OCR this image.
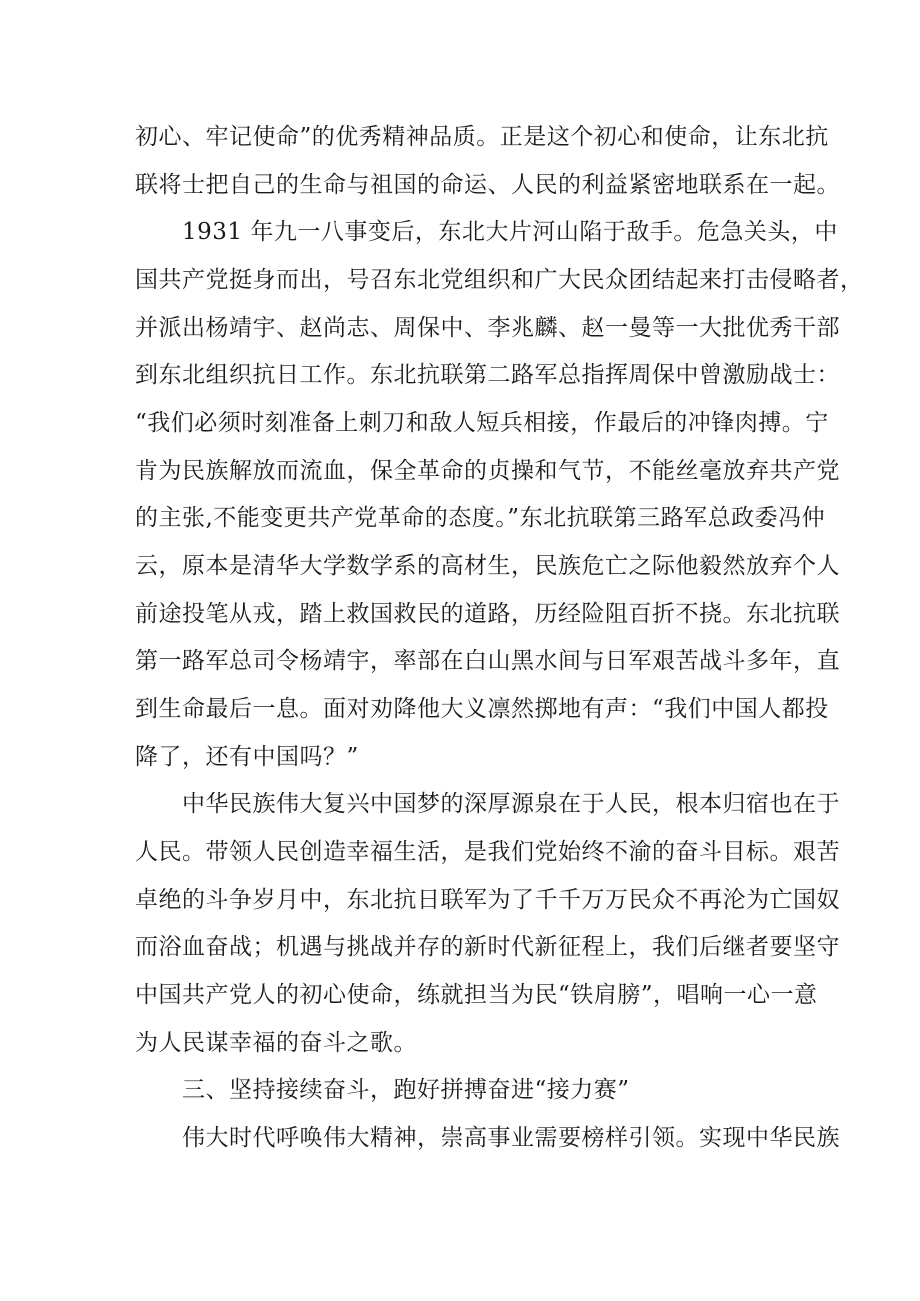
初心、牢记使命”的优秀精神品质。正是这个初心和使命，让东北抗
联将士把自己的生命与祖国的命运、人民的利益紧密地联系在一起。
1931 年九一八事变后，东北大片河山陷于敌手。危急关头，中
国共产党挺身而出，号召东北党组织和广大民众团结起来打击侵略者，
并派出杨靖宇、赵尚志、周保中、李兆麟、赵一曼等一大批优秀干部
到东北组织抗日工作。东北抗联第二路军总指挥周保中曾激励战士：
“我们必须时刻准备上刺刀和敌人短兵相接，作最后的冲锋肉搏。宁
肯为民族解放而流血，保全革命的贞操和气节，不能丝毫放弃共产党
的主张,不能变更共产党革命的态度。”东北抗联第三路军总政委冯仲
云，原本是清华大学数学系的高材生，民族危亡之际他毅然放弃个人
前途投笔从戎，踏上救国救民的道路，历经险阻百折不挠。东北抗联
第一路军总司令杨靖宇，率部在白山黑水间与日军艰苦战斗多年，直
到生命最后一息。面对劝降他大义凛然掷地有声：“我们中国人都投
降了，还有中国吗？”
中华民族伟大复兴中国梦的深厚源泉在于人民，根本归宿也在于
人民。带领人民创造幸福生活，是我们党始终不渝的奋斗目标。艰苦
卓绝的斗争岁月中，东北抗日联军为了千千万万民众不再沦为亡国奴
而浴血奋战；机遇与挑战并存的新时代新征程上，我们后继者要坚守
中国共产党人的初心使命，练就担当为民“铁肩膀”，唱响一心一意
为人民谋幸福的奋斗之歌。
三、坚持接续奋斗，跑好拼搏奋进“接力赛”
伟大时代呼唤伟大精神，崇高事业需要榜样引领。实现中华民族
